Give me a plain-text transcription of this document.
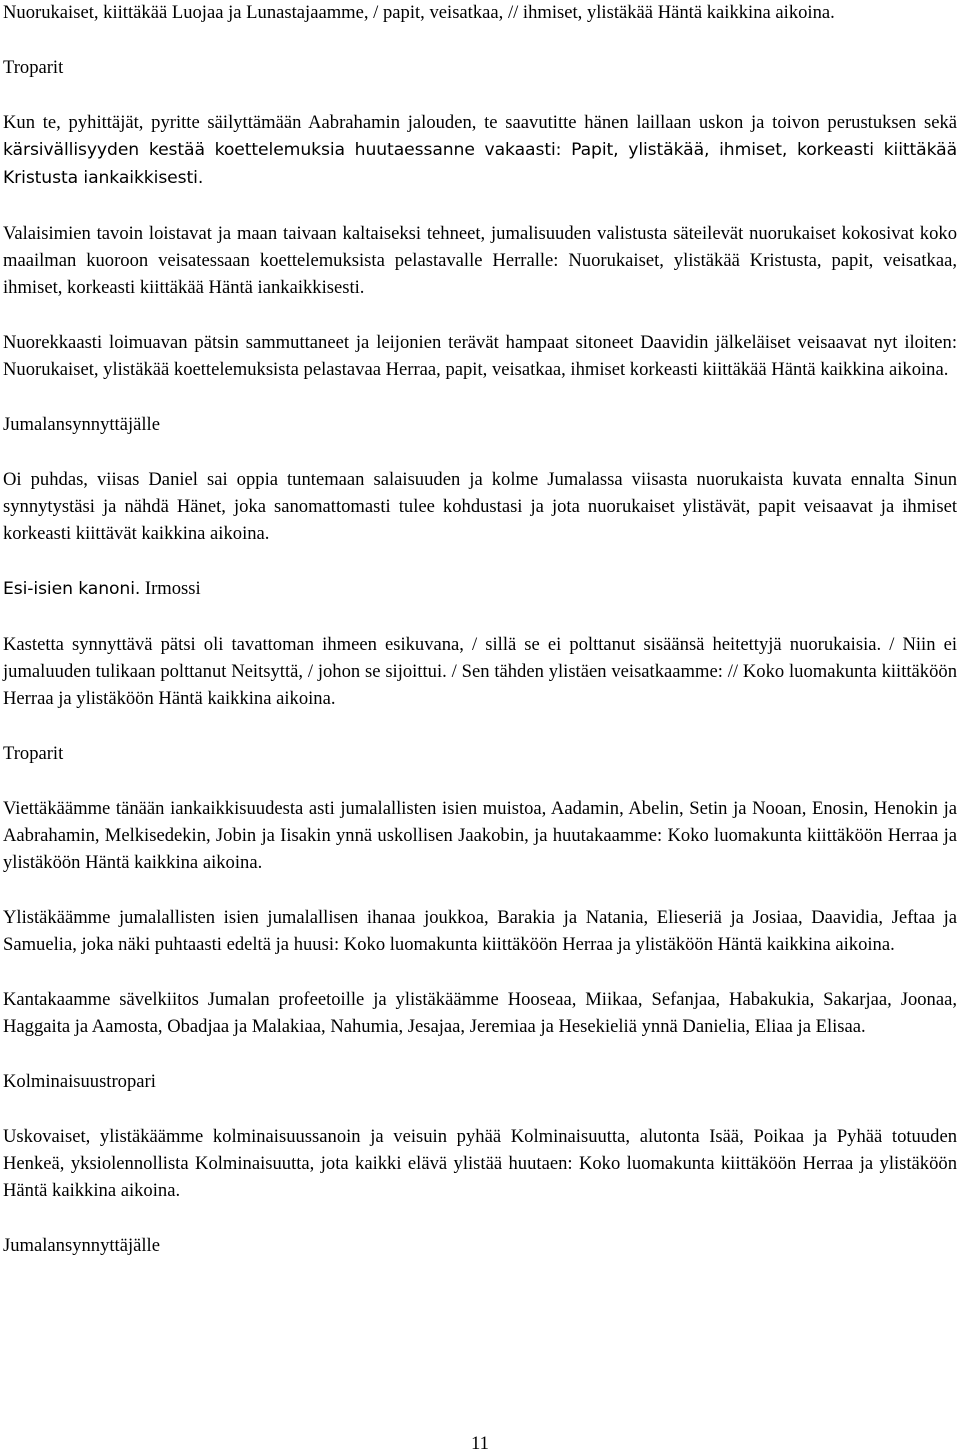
Nuorukaiset, kiittäkää Luojaa ja Lunastajaamme, / papit, veisatkaa, // ihmiset, ylistäkää Häntä kaikkina aikoina.

Troparit

Kun te, pyhittäjät, pyritte säilyttämään Aabrahamin jalouden, te saavutitte hänen laillaan uskon ja toivon perustuksen sekä kärsivällisyyden kestää koettelemuksia huutaessanne vakaasti: Papit, ylistäkää, ihmiset, korkeasti kiittäkää Kristusta iankaikkisesti.

Valaisimien tavoin loistavat ja maan taivaan kaltaiseksi tehneet, jumalisuuden valistusta säteilevät nuorukaiset kokosivat koko maailman kuoroon veisatessaan koettelemuksista pelastavalle Herralle: Nuorukaiset, ylistäkää Kristusta, papit, veisatkaa, ihmiset, korkeasti kiittäkää Häntä iankaikkisesti.

Nuorekkaasti loimuavan pätsin sammuttaneet ja leijonien terävät hampaat sitoneet Daavidin jälkeläiset veisaavat nyt iloiten: Nuorukaiset, ylistäkää koettelemuksista pelastavaa Herraa, papit, veisatkaa, ihmiset korkeasti kiittäkää Häntä kaikkina aikoina.

Jumalansynnyttäjälle

Oi puhdas, viisas Daniel sai oppia tuntemaan salaisuuden ja kolme Jumalassa viisasta nuorukaista kuvata ennalta Sinun synnytystäsi ja nähdä Hänet, joka sanomattomasti tulee kohdustasi ja jota nuorukaiset ylistävät, papit veisaavat ja ihmiset korkeasti kiittävät kaikkina aikoina.

Esi-isien kanoni. Irmossi

Kastetta synnyttävä pätsi oli tavattoman ihmeen esikuvana, / sillä se ei polttanut sisäänsä heitettyjä nuorukaisia. / Niin ei jumaluuden tulikaan polttanut Neitsyttä, / johon se sijoittui. / Sen tähden ylistäen veisatkaamme: // Koko luomakunta kiittäköön Herraa ja ylistäköön Häntä kaikkina aikoina.

Troparit

Viettäkäämme tänään iankaikkisuudesta asti jumalallisten isien muistoa, Aadamin, Abelin, Setin ja Nooan, Enosin, Henokin ja Aabrahamin, Melkisedekin, Jobin ja Iisakin ynnä uskollisen Jaakobin, ja huutakaamme: Koko luomakunta kiittäköön Herraa ja ylistäköön Häntä kaikkina aikoina.

Ylistäkäämme jumalallisten isien jumalallisen ihanaa joukkoa, Barakia ja Natania, Elieseriä ja Josiaa, Daavidia, Jeftaa ja Samuelia, joka näki puhtaasti edeltä ja huusi: Koko luomakunta kiittäköön Herraa ja ylistäköön Häntä kaikkina aikoina.

Kantakaamme sävelkiitos Jumalan profeetoille ja ylistäkäämme Hooseaa, Miikaa, Sefanjaa, Habakukia, Sakarjaa, Joonaa, Haggaita ja Aamosta, Obadjaa ja Malakiaa, Nahumia, Jesajaa, Jeremiaa ja Hesekieliä ynnä Danielia, Eliaa ja Elisaa.

Kolminaisuustropari

Uskovaiset, ylistäkäämme kolminaisuussanoin ja veisuin pyhää Kolminaisuutta, alutonta Isää, Poikaa ja Pyhää totuuden Henkeä, yksiolennollista Kolminaisuutta, jota kaikki elävä ylistää huutaen: Koko luomakunta kiittäköön Herraa ja ylistäköön Häntä kaikkina aikoina.

Jumalansynnyttäjälle

11
